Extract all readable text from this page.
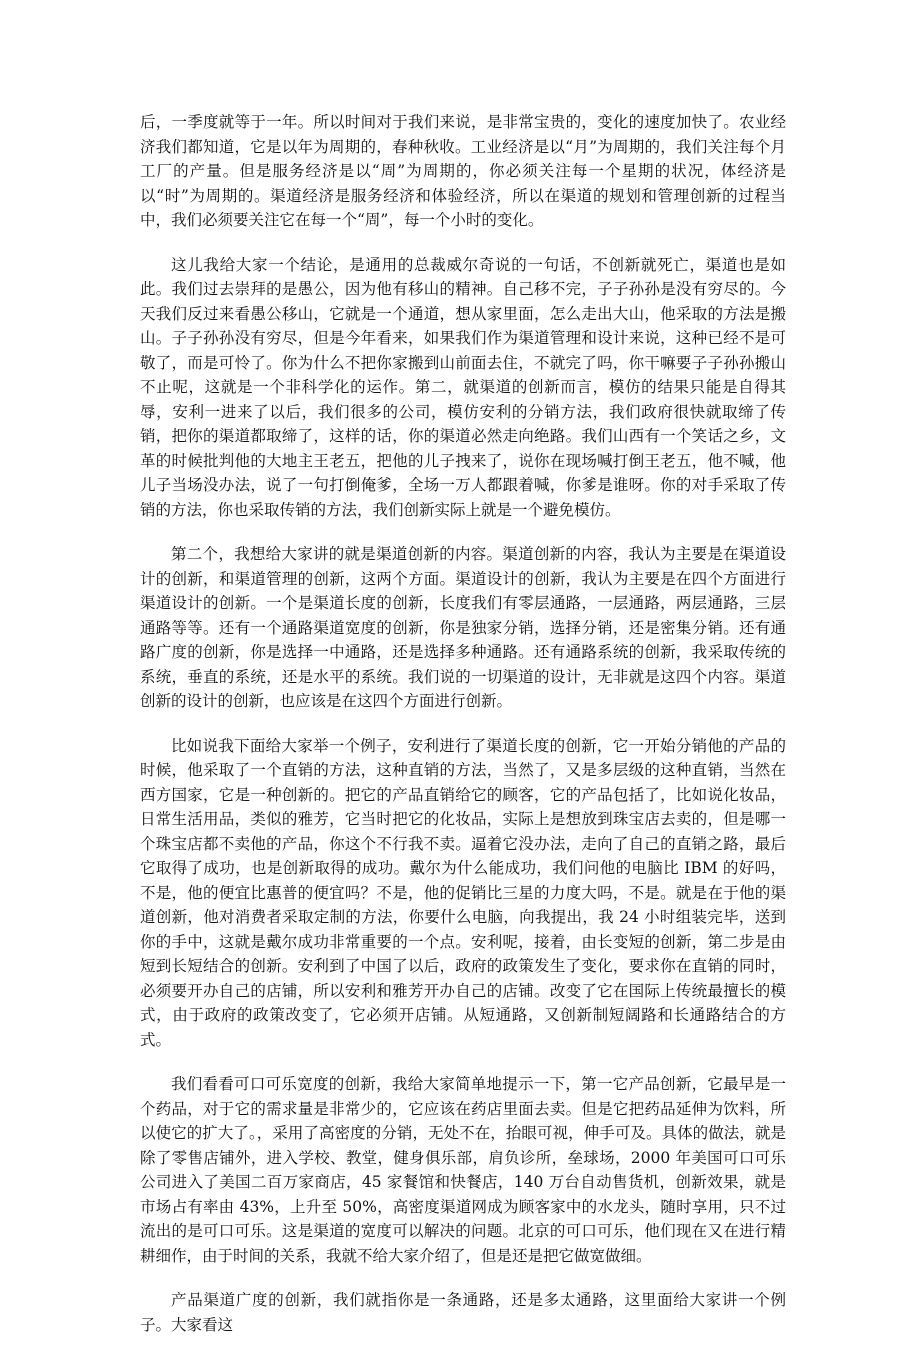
后，一季度就等于一年。所以时间对于我们来说，是非常宝贵的，变化的速度加快了。农业经济我们都知道，它是以年为周期的，春种秋收。工业经济是以“月”为周期的，我们关注每个月工厂的产量。但是服务经济是以“周”为周期的，你必须关注每一个星期的状况，体经济是以“时”为周期的。渠道经济是服务经济和体验经济，所以在渠道的规划和管理创新的过程当中，我们必须要关注它在每一个“周”，每一个小时的变化。

这儿我给大家一个结论，是通用的总裁威尔奇说的一句话，不创新就死亡，渠道也是如此。我们过去崇拜的是愚公，因为他有移山的精神。自己移不完，子子孙孙是没有穷尽的。今天我们反过来看愚公移山，它就是一个通道，想从家里面，怎么走出大山，他采取的方法是搬山。子子孙孙没有穷尽，但是今年看来，如果我们作为渠道管理和设计来说，这种已经不是可敬了，而是可怜了。你为什么不把你家搬到山前面去住，不就完了吗，你干嘛要子子孙孙搬山不止呢，这就是一个非科学化的运作。第二，就渠道的创新而言，模仿的结果只能是自得其辱，安利一进来了以后，我们很多的公司，模仿安利的分销方法，我们政府很快就取缔了传销，把你的渠道都取缔了，这样的话，你的渠道必然走向绝路。我们山西有一个笑话之乡，文革的时候批判他的大地主王老五，把他的儿子拽来了，说你在现场喊打倒王老五，他不喊，他儿子当场没办法，说了一句打倒俺爹，全场一万人都跟着喊，你爹是谁呀。你的对手采取了传销的方法，你也采取传销的方法，我们创新实际上就是一个避免模仿。

第二个，我想给大家讲的就是渠道创新的内容。渠道创新的内容，我认为主要是在渠道设计的创新，和渠道管理的创新，这两个方面。渠道设计的创新，我认为主要是在四个方面进行渠道设计的创新。一个是渠道长度的创新，长度我们有零层通路，一层通路，两层通路，三层通路等等。还有一个通路渠道宽度的创新，你是独家分销，选择分销，还是密集分销。还有通路广度的创新，你是选择一中通路，还是选择多种通路。还有通路系统的创新，我采取传统的系统，垂直的系统，还是水平的系统。我们说的一切渠道的设计，无非就是这四个内容。渠道创新的设计的创新，也应该是在这四个方面进行创新。

比如说我下面给大家举一个例子，安利进行了渠道长度的创新，它一开始分销他的产品的时候，他采取了一个直销的方法，这种直销的方法，当然了，又是多层级的这种直销，当然在西方国家，它是一种创新的。把它的产品直销给它的顾客，它的产品包括了，比如说化妆品，日常生活用品，类似的雅芳，它当时把它的化妆品，实际上是想放到珠宝店去卖的，但是哪一个珠宝店都不卖他的产品，你这个不行我不卖。逼着它没办法，走向了自己的直销之路，最后它取得了成功，也是创新取得的成功。戴尔为什么能成功，我们问他的电脑比 IBM 的好吗，不是，他的便宜比惠普的便宜吗？不是，他的促销比三星的力度大吗，不是。就是在于他的渠道创新，他对消费者采取定制的方法，你要什么电脑，向我提出，我 24 小时组装完毕，送到你的手中，这就是戴尔成功非常重要的一个点。安利呢，接着，由长变短的创新，第二步是由短到长短结合的创新。安利到了中国了以后，政府的政策发生了变化，要求你在直销的同时，必须要开办自己的店铺，所以安利和雅芳开办自己的店铺。改变了它在国际上传统最擅长的模式，由于政府的政策改变了，它必须开店铺。从短通路，又创新制短阔路和长通路结合的方式。

我们看看可口可乐宽度的创新，我给大家简单地提示一下，第一它产品创新，它最早是一个药品，对于它的需求量是非常少的，它应该在药店里面去卖。但是它把药品延伸为饮料，所以使它的扩大了。，采用了高密度的分销，无处不在，抬眼可视，伸手可及。具体的做法，就是除了零售店铺外，进入学校、教堂，健身俱乐部，肩负诊所，垒球场，2000 年美国可口可乐公司进入了美国二百万家商店，45 家餐馆和快餐店，140 万台自动售货机，创新效果，就是市场占有率由 43%，上升至 50%，高密度渠道网成为顾客家中的水龙头，随时享用，只不过流出的是可口可乐。这是渠道的宽度可以解决的问题。北京的可口可乐，他们现在又在进行精耕细作，由于时间的关系，我就不给大家介绍了，但是还是把它做宽做细。

产品渠道广度的创新，我们就指你是一条通路，还是多太通路，这里面给大家讲一个例子。大家看这
